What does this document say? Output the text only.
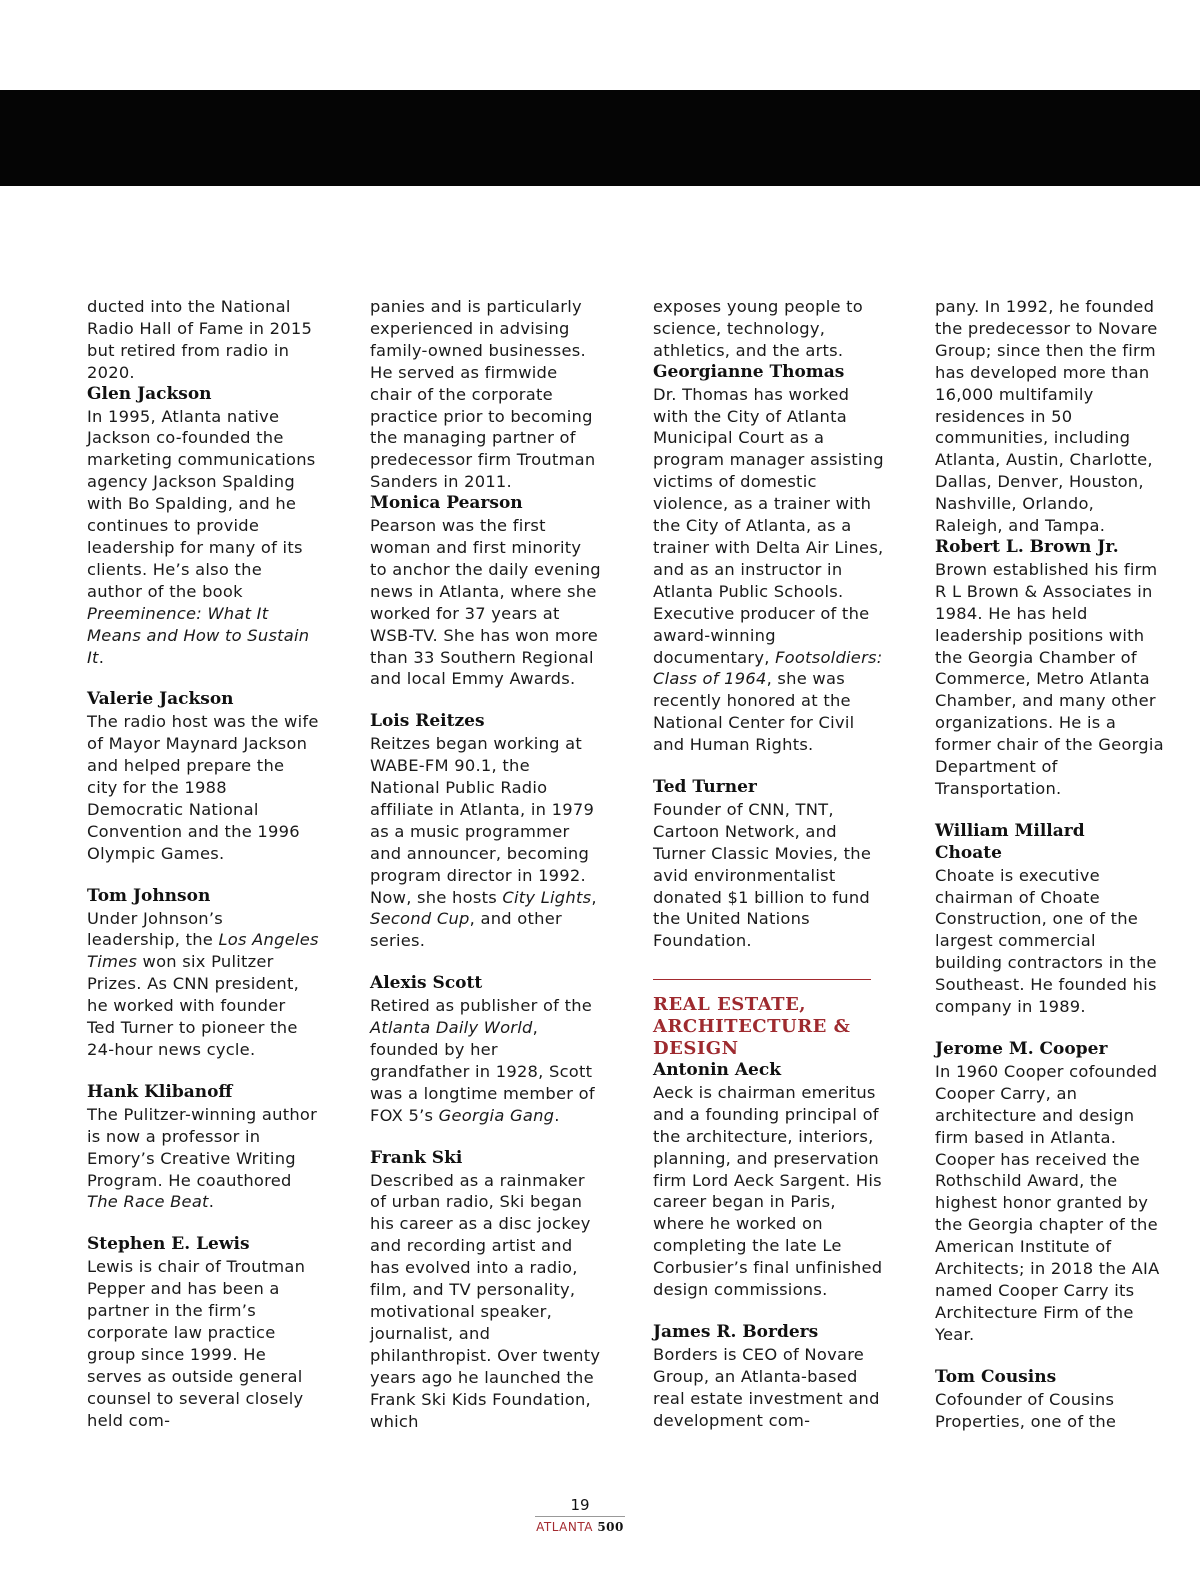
ducted into the National Radio Hall of Fame in 2015 but retired from radio in 2020.

Glen Jackson

In 1995, Atlanta native Jackson co-founded the marketing communications agency Jackson Spalding with Bo Spalding, and he continues to provide leadership for many of its clients. He’s also the author of the book Preeminence: What It Means and How to Sustain It.

Valerie Jackson

The radio host was the wife of Mayor Maynard Jackson and helped prepare the city for the 1988 Democratic National Convention and the 1996 Olympic Games.

Tom Johnson

Under Johnson’s leadership, the Los Angeles Times won six Pulitzer Prizes. As CNN president, he worked with founder Ted Turner to pioneer the 24-hour news cycle.

Hank Klibanoff

The Pulitzer-winning author is now a professor in Emory’s Creative Writing Program. He coauthored The Race Beat.

Stephen E. Lewis

Lewis is chair of Troutman Pepper and has been a partner in the firm’s corporate law practice group since 1999. He serves as outside general counsel to several closely held com-

panies and is particularly experienced in advising family-owned businesses. He served as firmwide chair of the corporate practice prior to becoming the managing partner of predecessor firm Troutman Sanders in 2011.

Monica Pearson

Pearson was the first woman and first minority to anchor the daily evening news in Atlanta, where she worked for 37 years at WSB-TV. She has won more than 33 Southern Regional and local Emmy Awards.

Lois Reitzes

Reitzes began working at WABE-FM 90.1, the National Public Radio affiliate in Atlanta, in 1979 as a music programmer and announcer, becoming program director in 1992. Now, she hosts City Lights, Second Cup, and other series.

Alexis Scott

Retired as publisher of the Atlanta Daily World, founded by her grandfather in 1928, Scott was a longtime member of FOX 5’s Georgia Gang.

Frank Ski

Described as a rainmaker of urban radio, Ski began his career as a disc jockey and recording artist and has evolved into a radio, film, and TV personality, motivational speaker, journalist, and philanthropist. Over twenty years ago he launched the Frank Ski Kids Foundation, which

exposes young people to science, technology, athletics, and the arts.

Georgianne Thomas

Dr. Thomas has worked with the City of Atlanta Municipal Court as a program manager assisting victims of domestic violence, as a trainer with the City of Atlanta, as a trainer with Delta Air Lines, and as an instructor in Atlanta Public Schools. Executive producer of the award-winning documentary, Footsoldiers: Class of 1964, she was recently honored at the National Center for Civil and Human Rights.

Ted Turner

Founder of CNN, TNT, Cartoon Network, and Turner Classic Movies, the avid environmentalist donated $1 billion to fund the United Nations Foundation.

REAL ESTATE, ARCHITECTURE & DESIGN
Antonin Aeck

Aeck is chairman emeritus and a founding principal of the architecture, interiors, planning, and preservation firm Lord Aeck Sargent. His career began in Paris, where he worked on completing the late Le Corbusier’s final unfinished design commissions.

James R. Borders

Borders is CEO of Novare Group, an Atlanta-based real estate investment and development com-

pany. In 1992, he founded the predecessor to Novare Group; since then the firm has developed more than 16,000 multifamily residences in 50 communities, including Atlanta, Austin, Charlotte, Dallas, Denver, Houston, Nashville, Orlando, Raleigh, and Tampa.

Robert L. Brown Jr.

Brown established his firm R L Brown & Associates in 1984. He has held leadership positions with the Georgia Chamber of Commerce, Metro Atlanta Chamber, and many other organizations. He is a former chair of the Georgia Department of Transportation.

William Millard Choate

Choate is executive chairman of Choate Construction, one of the largest commercial building contractors in the Southeast. He founded his company in 1989.

Jerome M. Cooper

In 1960 Cooper cofounded Cooper Carry, an architecture and design firm based in Atlanta. Cooper has received the Rothschild Award, the highest honor granted by the Georgia chapter of the American Institute of Architects; in 2018 the AIA named Cooper Carry its Architecture Firm of the Year.

Tom Cousins

Cofounder of Cousins Properties, one of the

19
ATLANTA 500
